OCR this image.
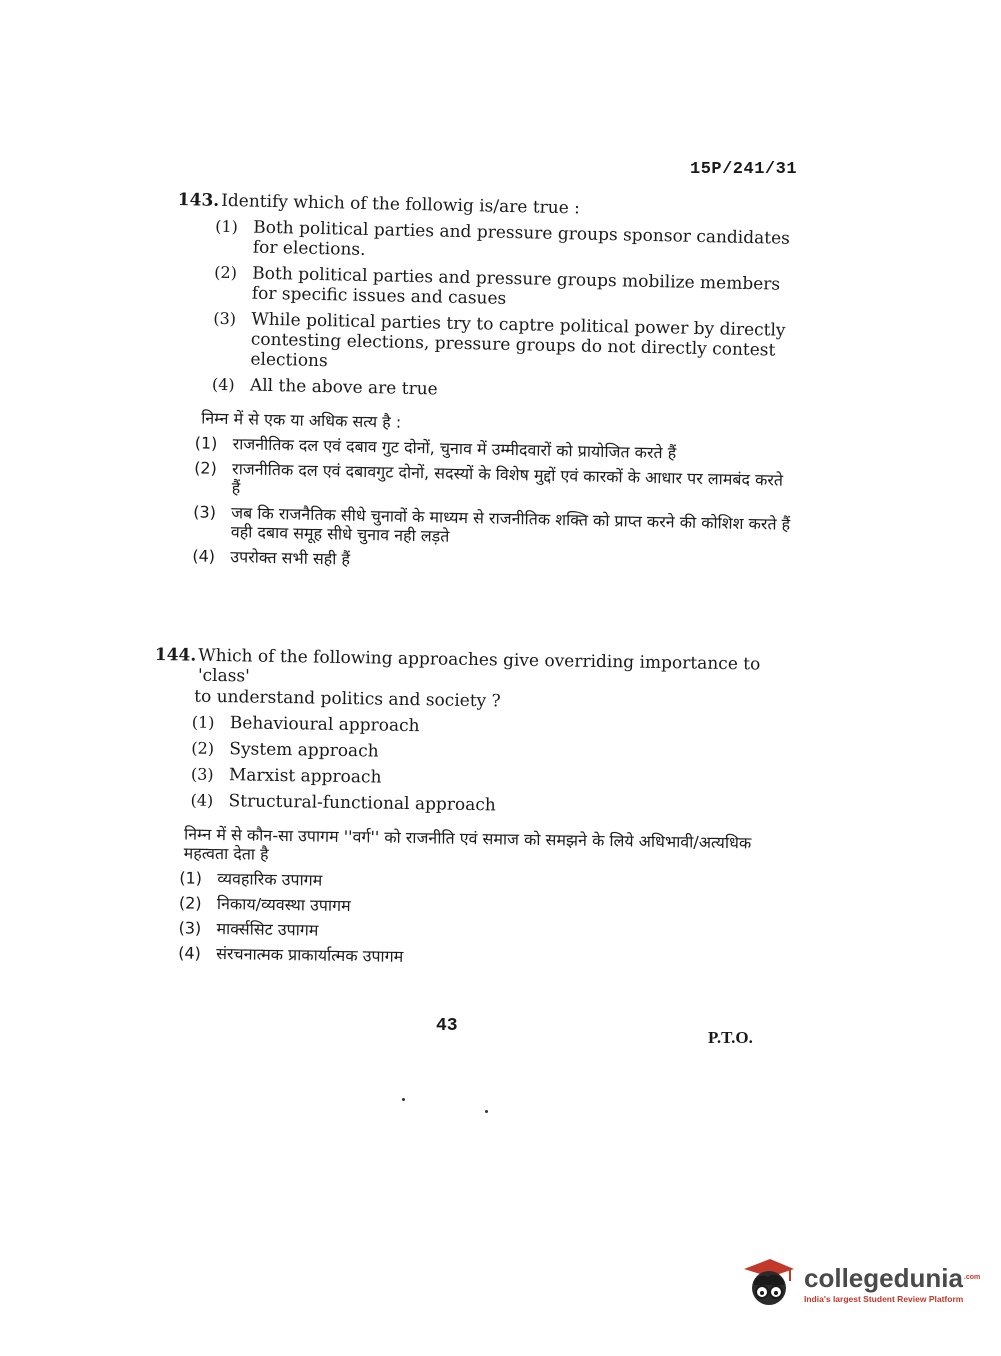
15P/241/31
143. Identify which of the followig is/are true :
(1) Both political parties and pressure groups sponsor candidates for elections.
(2) Both political parties and pressure groups mobilize members for specific issues and casues
(3) While political parties try to captre political power by directly contesting elections, pressure groups do not directly contest elections
(4) All the above are true
निम्न में से एक या अधिक सत्य है :
(1) राजनीतिक दल एवं दबाव गुट दोनों, चुनाव में उम्मीदवारों को प्रायोजित करते हैं
(2) राजनीतिक दल एवं दबावगुट दोनों, सदस्यों के विशेष मुद्दों एवं कारकों के आधार पर लामबंद करते हैं
(3) जब कि राजनैतिक सीधे चुनावों के माध्यम से राजनीतिक शक्ति को प्राप्त करने की कोशिश करते हैं वही दबाव समूह सीधे चुनाव नही लड़ते
(4) उपरोक्त सभी सही हैं
144. Which of the following approaches give overriding importance to 'class'
to understand politics and society ?
(1) Behavioural approach
(2) System approach
(3) Marxist approach
(4) Structural-functional approach
निम्न में से कौन-सा उपागम ''वर्ग'' को राजनीति एवं समाज को समझने के लिये अधिभावी/अत्यधिक महत्वता देता है
(1) व्यवहारिक उपागम
(2) निकाय/व्यवस्था उपागम
(3) मार्क्ससिट उपागम
(4) संरचनात्मक प्राकार्यात्मक उपागम
43
P.T.O.
collegedunia$^{.com}$
India's largest Student Review Platform
